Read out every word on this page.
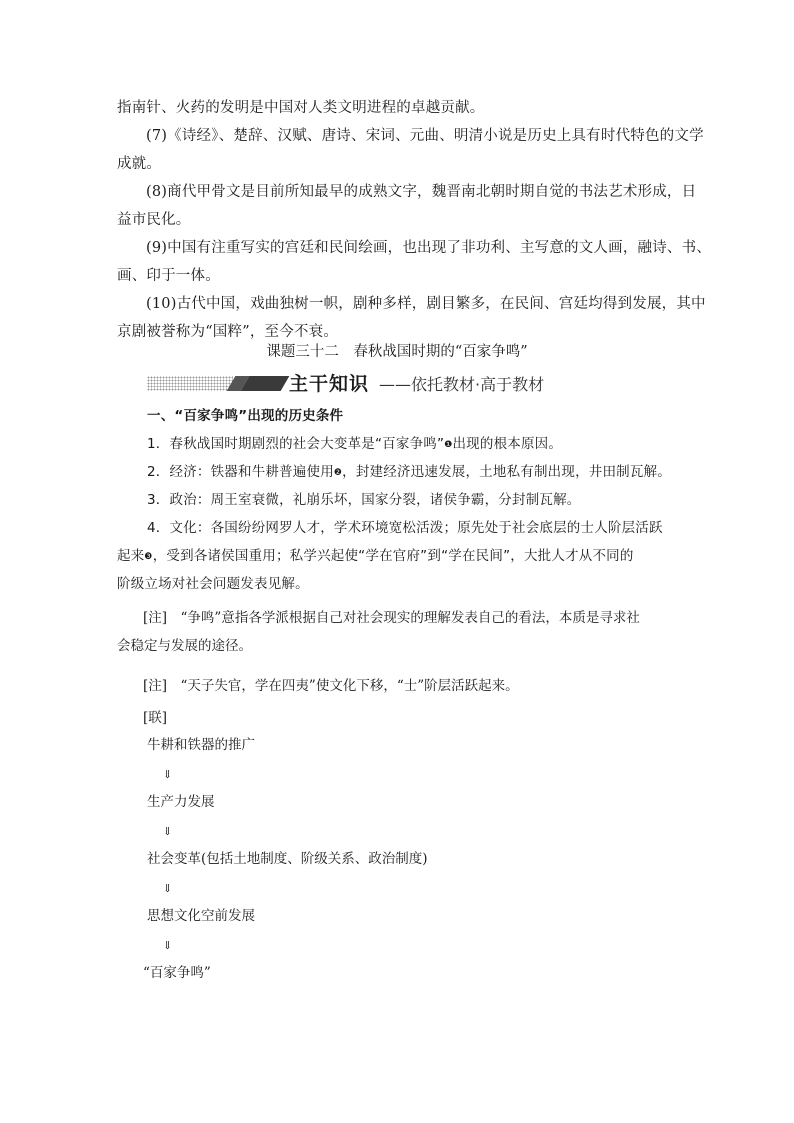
指南针、火药的发明是中国对人类文明进程的卓越贡献。
(7)《诗经》、楚辞、汉赋、唐诗、宋词、元曲、明清小说是历史上具有时代特色的文学
成就。
(8)商代甲骨文是目前所知最早的成熟文字，魏晋南北朝时期自觉的书法艺术形成，日
益市民化。
(9)中国有注重写实的宫廷和民间绘画，也出现了非功利、主写意的文人画，融诗、书、
画、印于一体。
(10)古代中国，戏曲独树一帜，剧种多样，剧目繁多，在民间、宫廷均得到发展，其中
京剧被誉称为“国粹”，至今不衰。
课题三十二　春秋战国时期的“百家争鸣”
主干知识 ——依托教材·高于教材
一、“百家争鸣”出现的历史条件
1．春秋战国时期剧烈的社会大变革是“百家争鸣”❶出现的根本原因。
2．经济：铁器和牛耕普遍使用❷，封建经济迅速发展，土地私有制出现，井田制瓦解。
3．政治：周王室衰微，礼崩乐坏，国家分裂，诸侯争霸，分封制瓦解。
4．文化：各国纷纷网罗人才，学术环境宽松活泼；原先处于社会底层的士人阶层活跃
起来❸，受到各诸侯国重用；私学兴起使“学在官府”到“学在民间”，大批人才从不同的
阶级立场对社会问题发表见解。
[注]　“争鸣”意指各学派根据自己对社会现实的理解发表自己的看法，本质是寻求社
会稳定与发展的途径。
[注]　“天子失官，学在四夷”使文化下移，“士”阶层活跃起来。
[联]
牛耕和铁器的推广
⇓
生产力发展
⇓
社会变革(包括土地制度、阶级关系、政治制度)
⇓
思想文化空前发展
⇓
“百家争鸣”
